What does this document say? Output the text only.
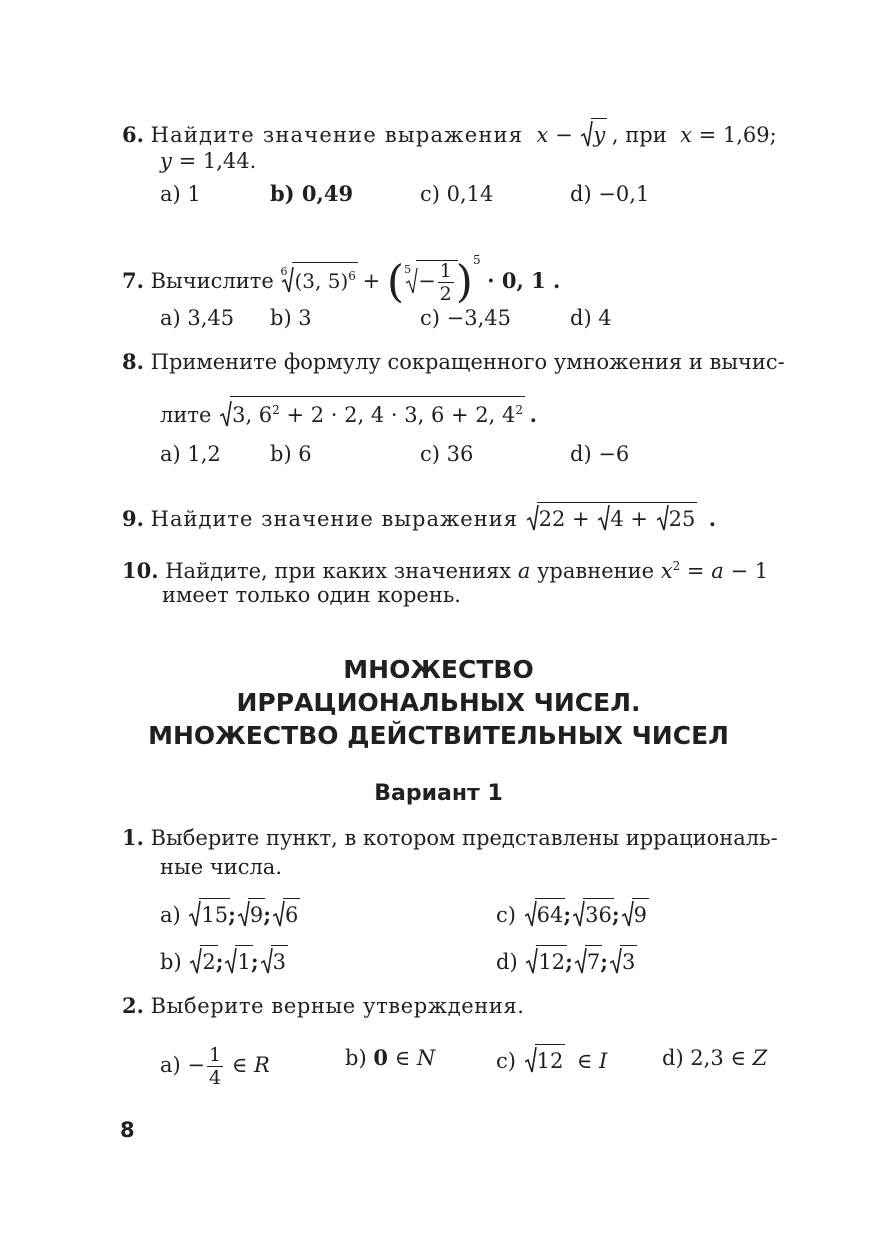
6. Найдите значение выражения x − y , при x = 1,69;
y = 1,44.
a) 1	b) 0,49	c) 0,14	d) −0,1
7. Вычислите 6 (3, 5)$^6$ + ( $5 - \frac{1}{2} )^5 \cdot 0$, 1 .
a) 3,45 b) 3	c) −3,45	d) 4
8. Примените формулу сокращенного умножения и вычис-
лите 3, $6^2 + 2 \cdot 2$, 4 · 3, 6 + 2, $4^2$ .
a) 1,2 b) 6	c) 36	d) −6
9. Найдите значение выражения 22 + 4 + 25 .
10. Найдите, при каких значениях a уравнение $x^2 = a - 1$
имеет только один корень.
МНОЖЕСТВО
ИРРАЦИОНАЛЬНЫХ ЧИСЕЛ.
МНОЖЕСТВО ДЕЙСТВИТЕЛЬНЫХ ЧИСЕЛ
Вариант 1
1. Выберите пункт, в котором представлены иррациональ-
ные числа.
a) 15; 9; 6	c) 64; 36; 9
b) 2; 1; 3	d) 12; 7; 3
2. Выберите верные утверждения.
$a) - \frac{1}{4}$ ∈ R	b) 0 ∈ N	c) 12 ∈ I	d) 2,3 ∈ Z
8
